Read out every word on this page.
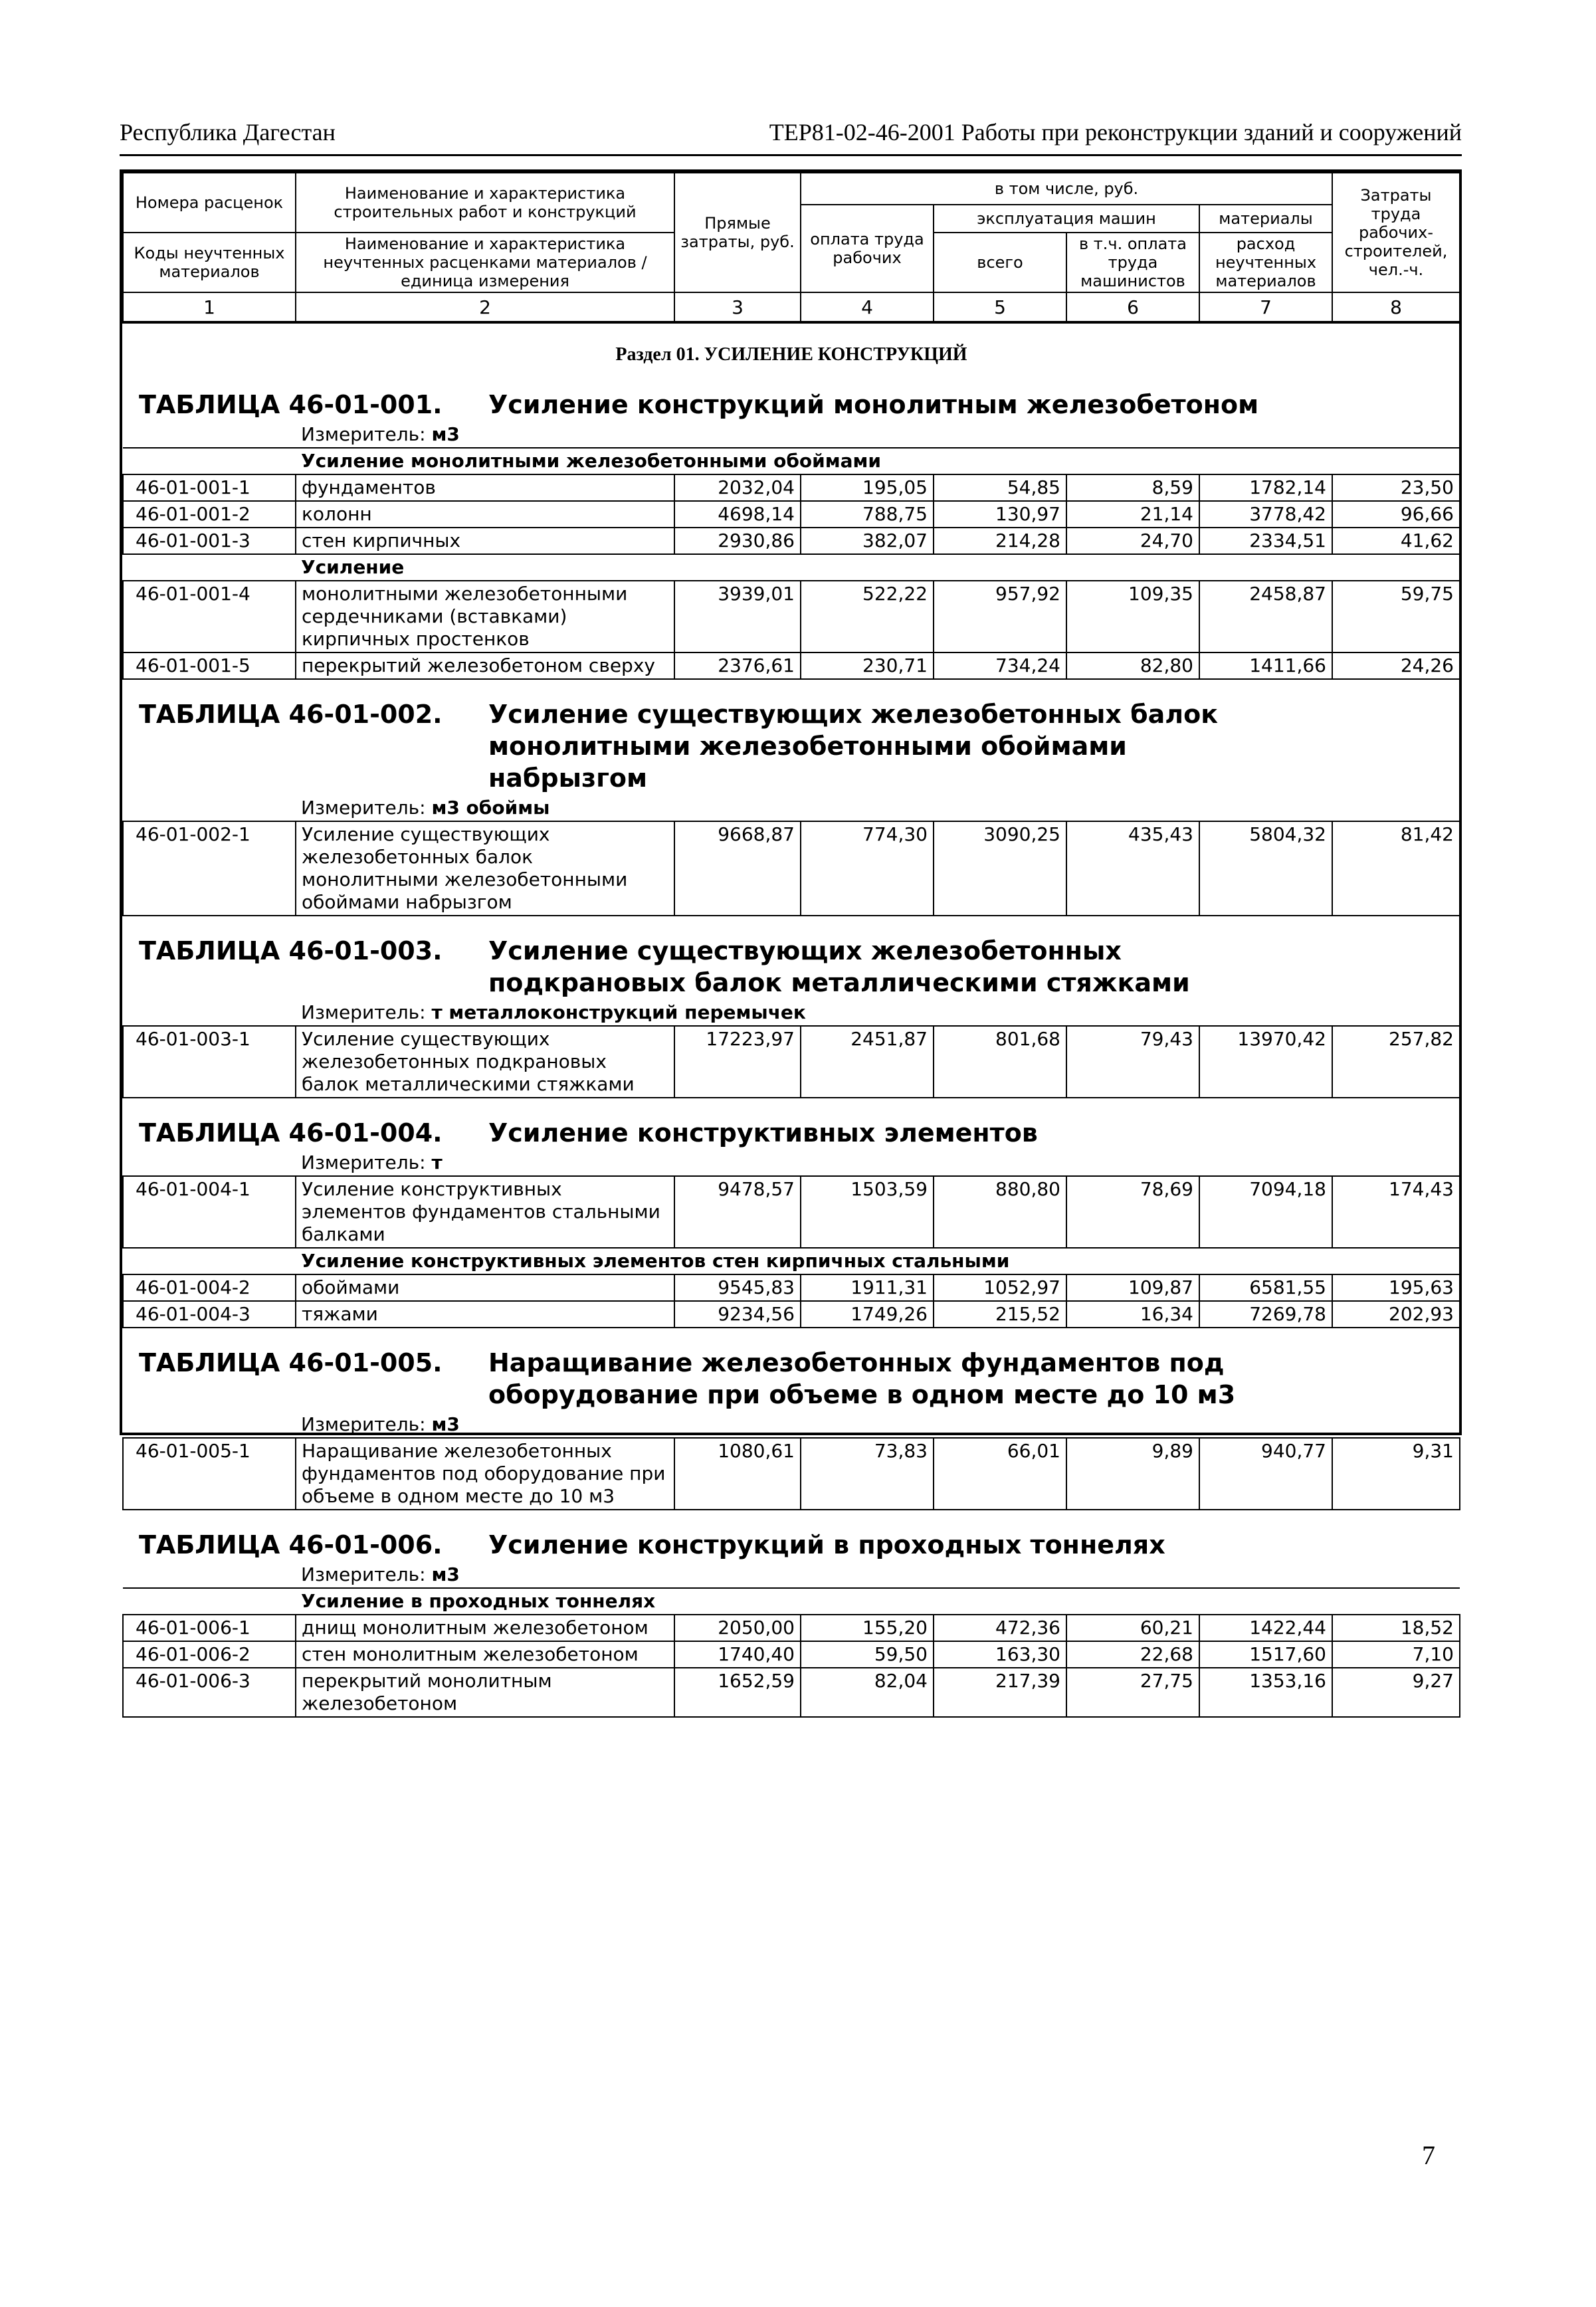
Республика Дагестан	ТЕР81-02-46-2001 Работы при реконструкции зданий и сооружений
Номера расценок	Наименование и характеристика строительных работ и конструкций	Прямые затраты, руб.	в том числе, руб.				Затраты труда рабочих-строителей, чел.-ч.
			оплата труда рабочих	эксплуатация машин		материалы	
Коды неучтенных материалов	Наименование и характеристика неучтенных расценками материалов / единица измерения			всего	в т.ч. оплата труда машинистов	расход неучтенных материалов	

1	2	3	4	5	6	7	8
Раздел 01. УСИЛЕНИЕ КОНСТРУКЦИЙ							
ТАБЛИЦА 46-01-001. Усиление конструкций монолитным железобетоном							
Измеритель: м3							
	Усиление монолитными железобетонными обоймами						
46-01-001-1	фундаментов	2032,04	195,05	54,85	8,59	1782,14	23,50
46-01-001-2	колонн	4698,14	788,75	130,97	21,14	3778,42	96,66
46-01-001-3	стен кирпичных	2930,86	382,07	214,28	24,70	2334,51	41,62
	Усиление						
46-01-001-4	монолитными железобетонными сердечниками (вставками) кирпичных простенков	3939,01	522,22	957,92	109,35	2458,87	59,75
46-01-001-5	перекрытий железобетоном сверху	2376,61	230,71	734,24	82,80	1411,66	24,26
ТАБЛИЦА 46-01-002. Усиление существующих железобетонных балок монолитными железобетонными обоймами набрызгом							
Измеритель: м3 обоймы							
46-01-002-1	Усиление существующих железобетонных балок монолитными железобетонными обоймами набрызгом	9668,87	774,30	3090,25	435,43	5804,32	81,42
ТАБЛИЦА 46-01-003. Усиление существующих железобетонных подкрановых балок металлическими стяжками							
Измеритель: т металлоконструкций перемычек							
46-01-003-1	Усиление существующих железобетонных подкрановых балок металлическими стяжками	17223,97	2451,87	801,68	79,43	13970,42	257,82
ТАБЛИЦА 46-01-004. Усиление конструктивных элементов							
Измеритель: т							
46-01-004-1	Усиление конструктивных элементов фундаментов стальными балками	9478,57	1503,59	880,80	78,69	7094,18	174,43
	Усиление конструктивных элементов стен кирпичных стальными						
46-01-004-2	обоймами	9545,83	1911,31	1052,97	109,87	6581,55	195,63
46-01-004-3	тяжами	9234,56	1749,26	215,52	16,34	7269,78	202,93
ТАБЛИЦА 46-01-005. Наращивание железобетонных фундаментов под оборудование при объеме в одном месте до 10 м3							
Измеритель: м3							
46-01-005-1	Наращивание железобетонных фундаментов под оборудование при объеме в одном месте до 10 м3	1080,61	73,83	66,01	9,89	940,77	9,31
ТАБЛИЦА 46-01-006. Усиление конструкций в проходных тоннелях							
Измеритель: м3							
	Усиление в проходных тоннелях						
46-01-006-1	днищ монолитным железобетоном	2050,00	155,20	472,36	60,21	1422,44	18,52
46-01-006-2	стен монолитным железобетоном	1740,40	59,50	163,30	22,68	1517,60	7,10
46-01-006-3	перекрытий монолитным железобетоном	1652,59	82,04	217,39	27,75	1353,16	9,27
7
